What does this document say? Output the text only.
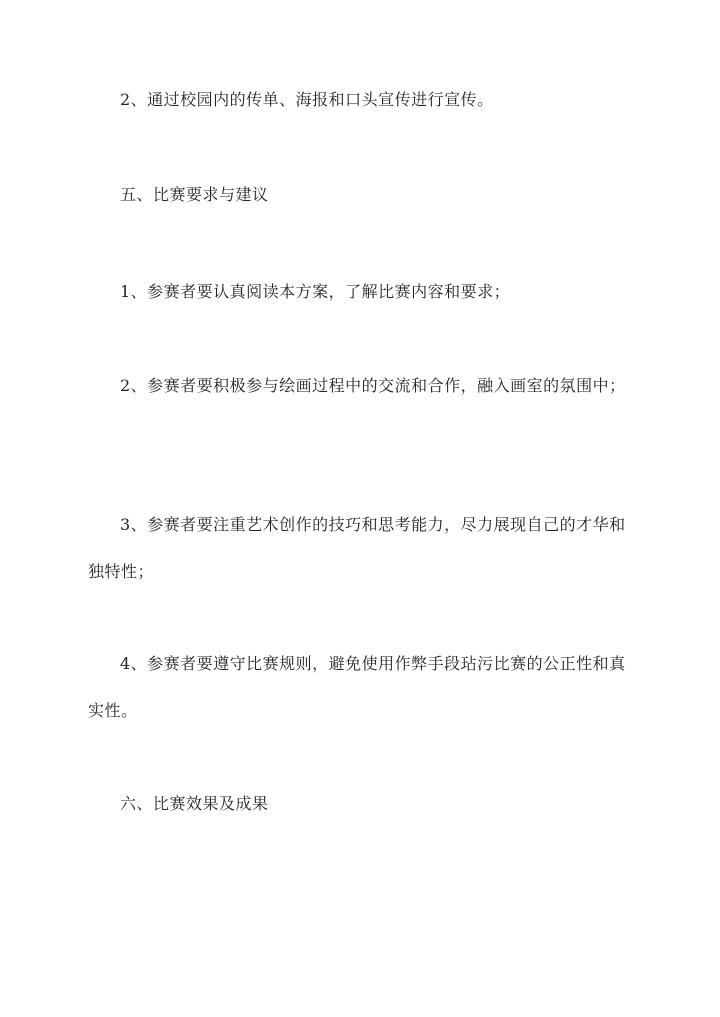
2、通过校园内的传单、海报和口头宣传进行宣传。

五、比赛要求与建议

1、参赛者要认真阅读本方案，了解比赛内容和要求；

2、参赛者要积极参与绘画过程中的交流和合作，融入画室的氛围中；

3、参赛者要注重艺术创作的技巧和思考能力，尽力展现自己的才华和独特性；

4、参赛者要遵守比赛规则，避免使用作弊手段玷污比赛的公正性和真实性。

六、比赛效果及成果
